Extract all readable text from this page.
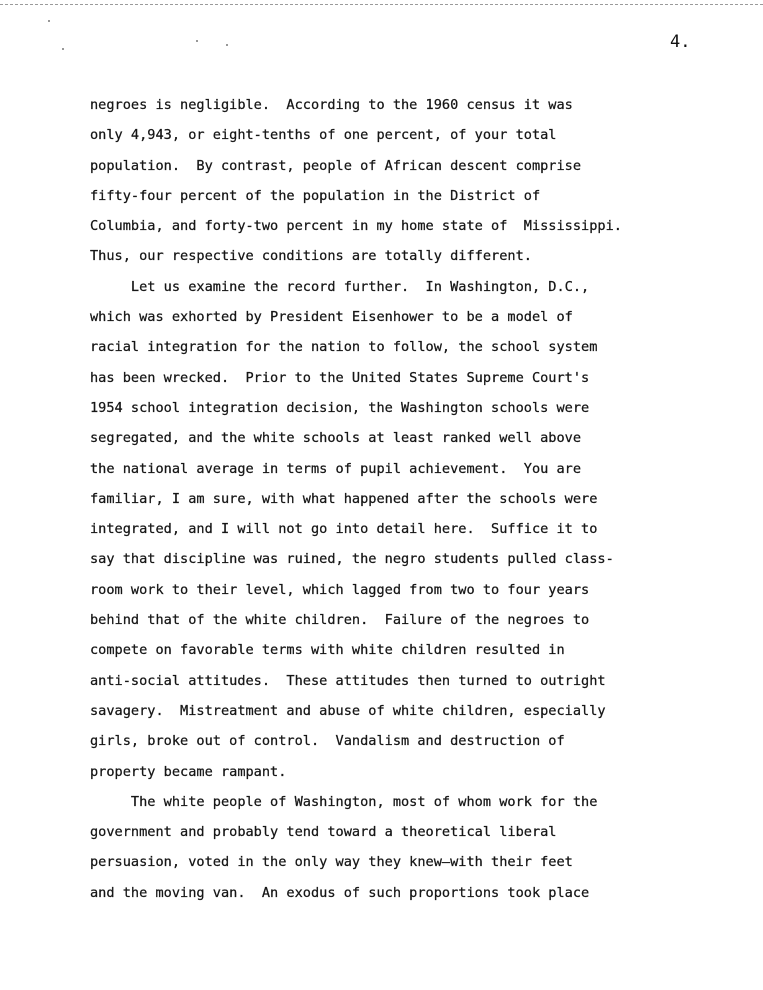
4.
negroes is negligible.  According to the 1960 census it was
only 4,943, or eight-tenths of one percent, of your total
population.  By contrast, people of African descent comprise
fifty-four percent of the population in the District of
Columbia, and forty-two percent in my home state of  Mississippi.
Thus, our respective conditions are totally different.
Let us examine the record further.  In Washington, D.C.,
which was exhorted by President Eisenhower to be a model of
racial integration for the nation to follow, the school system
has been wrecked.  Prior to the United States Supreme Court's
1954 school integration decision, the Washington schools were
segregated, and the white schools at least ranked well above
the national average in terms of pupil achievement.  You are
familiar, I am sure, with what happened after the schools were
integrated, and I will not go into detail here.  Suffice it to
say that discipline was ruined, the negro students pulled class-
room work to their level, which lagged from two to four years
behind that of the white children.  Failure of the negroes to
compete on favorable terms with white children resulted in
anti-social attitudes.  These attitudes then turned to outright
savagery.  Mistreatment and abuse of white children, especially
girls, broke out of control.  Vandalism and destruction of
property became rampant.
The white people of Washington, most of whom work for the
government and probably tend toward a theoretical liberal
persuasion, voted in the only way they knew—with their feet
and the moving van.  An exodus of such proportions took place
